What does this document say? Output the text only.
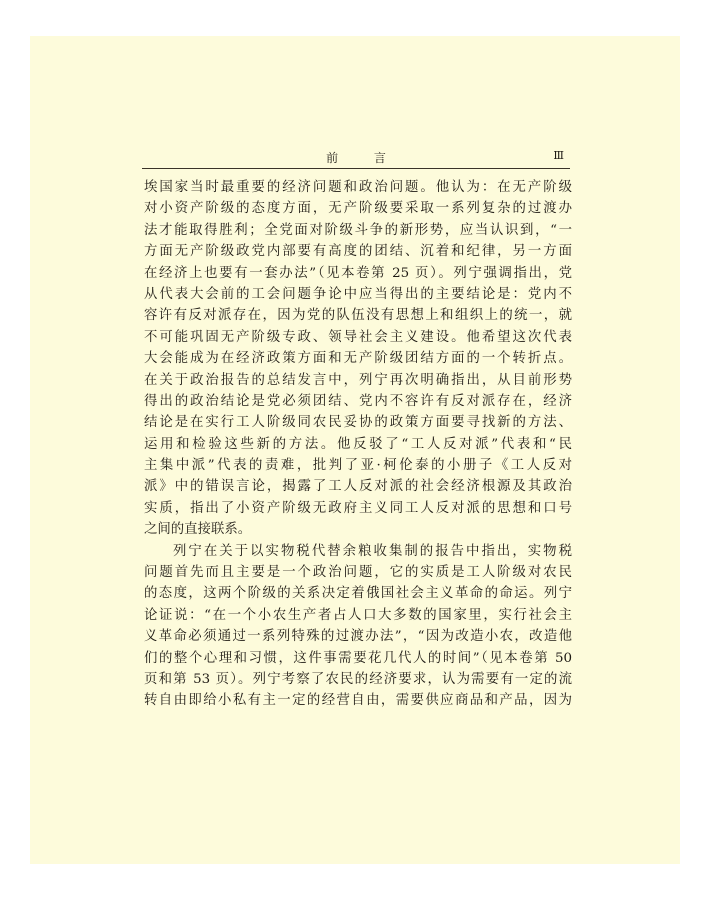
前 言	Ⅲ
埃国家当时最重要的经济问题和政治问题。他认为：在无产阶级
对小资产阶级的态度方面，无产阶级要采取一系列复杂的过渡办
法才能取得胜利；全党面对阶级斗争的新形势，应当认识到，“一
方面无产阶级政党内部要有高度的团结、沉着和纪律，另一方面
在经济上也要有一套办法”（见本卷第 25 页）。列宁强调指出，党
从代表大会前的工会问题争论中应当得出的主要结论是：党内不
容许有反对派存在，因为党的队伍没有思想上和组织上的统一，就
不可能巩固无产阶级专政、领导社会主义建设。他希望这次代表
大会能成为在经济政策方面和无产阶级团结方面的一个转折点。
在关于政治报告的总结发言中，列宁再次明确指出，从目前形势
得出的政治结论是党必须团结、党内不容许有反对派存在，经济
结论是在实行工人阶级同农民妥协的政策方面要寻找新的方法、
运用和检验这些新的方法。他反驳了“工人反对派”代表和“民
主集中派”代表的责难，批判了亚·柯伦泰的小册子《工人反对
派》中的错误言论，揭露了工人反对派的社会经济根源及其政治
实质，指出了小资产阶级无政府主义同工人反对派的思想和口号
之间的直接联系。
列宁在关于以实物税代替余粮收集制的报告中指出，实物税
问题首先而且主要是一个政治问题，它的实质是工人阶级对农民
的态度，这两个阶级的关系决定着俄国社会主义革命的命运。列宁
论证说：“在一个小农生产者占人口大多数的国家里，实行社会主
义革命必须通过一系列特殊的过渡办法”，“因为改造小农，改造他
们的整个心理和习惯，这件事需要花几代人的时间”（见本卷第 50
页和第 53 页）。列宁考察了农民的经济要求，认为需要有一定的流
转自由即给小私有主一定的经营自由，需要供应商品和产品，因为
